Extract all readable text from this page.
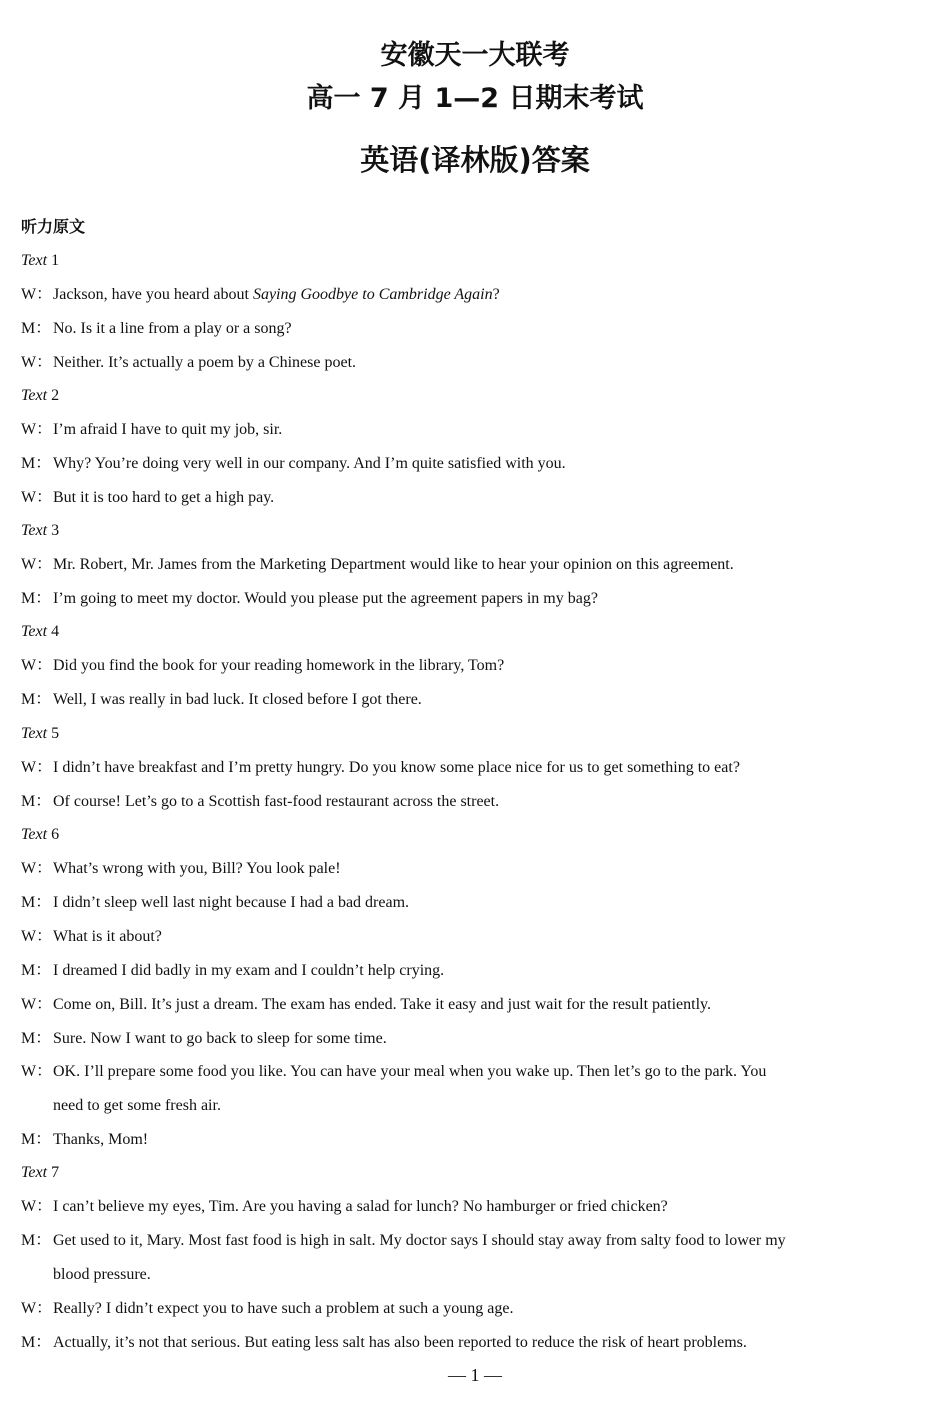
安徽天一大联考
高一 7 月 1—2 日期末考试
英语(译林版)答案
听力原文
Text 1
W：Jackson, have you heard about Saying Goodbye to Cambridge Again?
M： No. Is it a line from a play or a song?
W：Neither. It’s actually a poem by a Chinese poet.
Text 2
W：I’m afraid I have to quit my job, sir.
M： Why? You’re doing very well in our company. And I’m quite satisfied with you.
W：But it is too hard to get a high pay.
Text 3
W：Mr. Robert, Mr. James from the Marketing Department would like to hear your opinion on this agreement.
M： I’m going to meet my doctor. Would you please put the agreement papers in my bag?
Text 4
W：Did you find the book for your reading homework in the library, Tom?
M： Well, I was really in bad luck. It closed before I got there.
Text 5
W：I didn’t have breakfast and I’m pretty hungry. Do you know some place nice for us to get something to eat?
M： Of course! Let’s go to a Scottish fast-food restaurant across the street.
Text 6
W：What’s wrong with you, Bill? You look pale!
M： I didn’t sleep well last night because I had a bad dream.
W：What is it about?
M： I dreamed I did badly in my exam and I couldn’t help crying.
W：Come on, Bill. It’s just a dream. The exam has ended. Take it easy and just wait for the result patiently.
M： Sure. Now I want to go back to sleep for some time.
W：OK. I’ll prepare some food you like. You can have your meal when you wake up. Then let’s go to the park. You
need to get some fresh air.
M： Thanks, Mom!
Text 7
W：I can’t believe my eyes, Tim. Are you having a salad for lunch? No hamburger or fried chicken?
M： Get used to it, Mary. Most fast food is high in salt. My doctor says I should stay away from salty food to lower my
blood pressure.
W：Really? I didn’t expect you to have such a problem at such a young age.
M： Actually, it’s not that serious. But eating less salt has also been reported to reduce the risk of heart problems.
— 1 —
